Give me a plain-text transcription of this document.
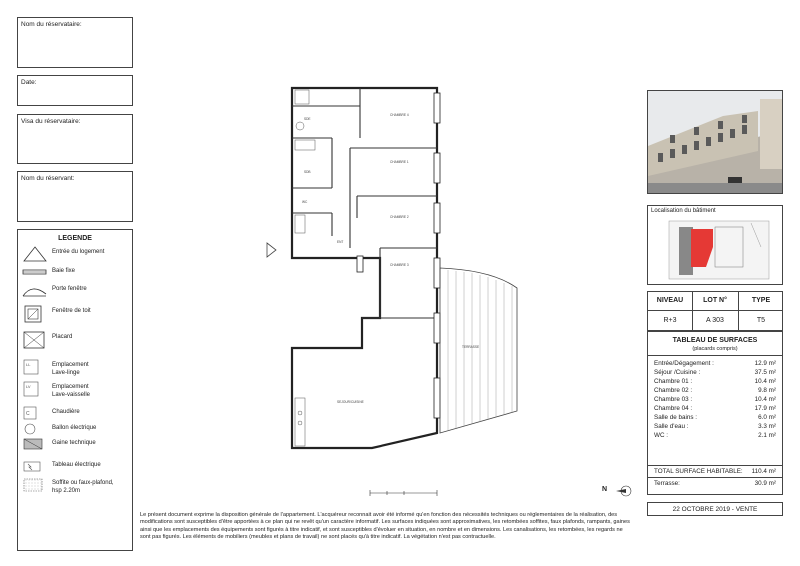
Nom du réservataire:
Date:
Visa du réservataire:
Nom du réservant:
LEGENDE
Entrée du logement
Baie fixe
Porte fenêtre
Fenêtre de toit
Placard
LL	Emplacement
Lave-linge
LV	Emplacement
Lave-vaisselle
C	Chaudière
Ballon électrique
Gaine technique
Tableau électrique
Soffite ou faux-plafond,
hsp 2.20m
CHAMBRE 1
CHAMBRE 2
CHAMBRE 3
CHAMBRE 4
SEJOUR/CUISINE
TERRASSE
SDB
SDE
WC
ENT
N
Localisation du bâtiment
NIVEAU	LOT N°	TYPE
R+3	A 303	T5
TABLEAU DE SURFACES
(placards compris)
Entrée/Dégagement :	12.9 m²
Séjour /Cuisine :	37.5 m²
Chambre 01 :	10.4 m²
Chambre 02 :	9.8 m²
Chambre 03 :	10.4 m²
Chambre 04 :	17.9 m²
Salle de bains :	6.0 m²
Salle d'eau :	3.3 m²
WC :	2.1 m²
TOTAL SURFACE HABITABLE: 110.4 m²
Terrasse:	30.9 m²
22 OCTOBRE 2019 - VENTE
Le présent document exprime la disposition générale de l'appartement. L'acquéreur reconnait avoir été informé qu'en fonction des nécessités techniques ou réglementaires de la réalisation, des modifications sont susceptibles d'être apportées à ce plan qui ne revêt qu'un caractère informatif. Les surfaces indiquées sont approximatives, les retombées soffites, faux plafonds, rampants, gaines ainsi que les emplacements des équipements sont figurés à titre indicatif, et sont susceptibles d'évoluer en situation, en nombre et en dimensions. Les canalisations, les retombées, les regards ne sont pas figurés. Les éléments de mobiliers (meubles et plans de travail) ne sont placés qu'à titre indicatif. La végétation n'est pas contractuelle.
